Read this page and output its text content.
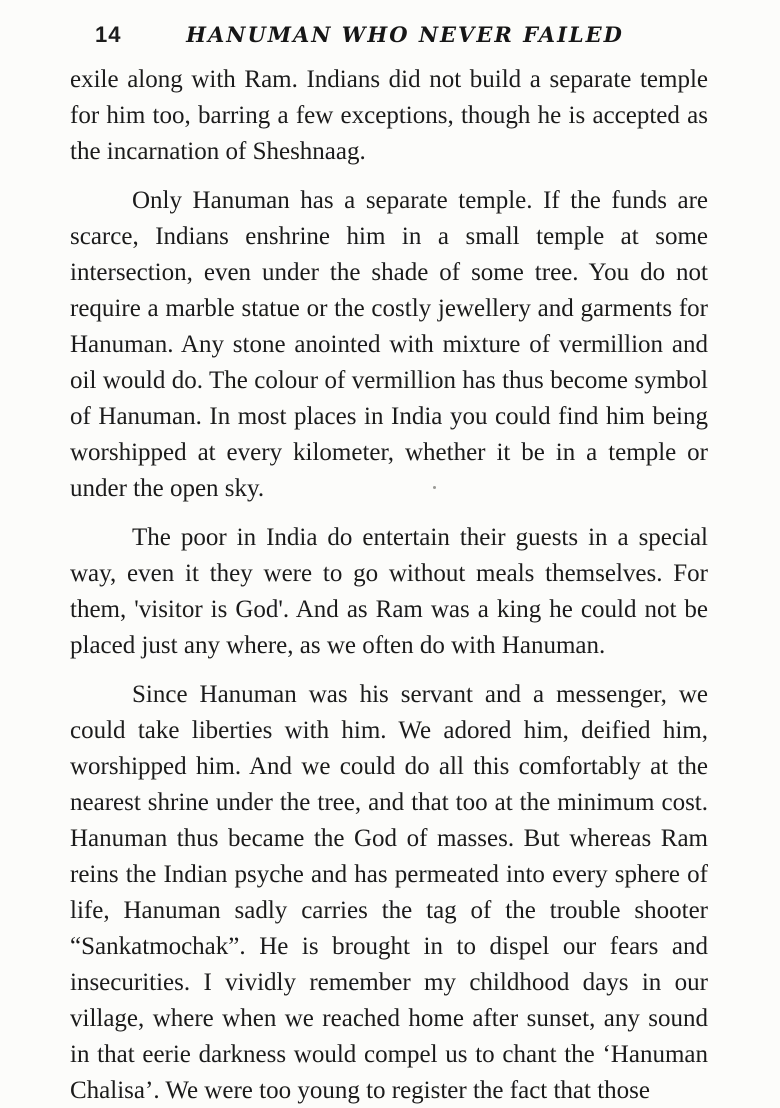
14	HANUMAN WHO NEVER FAILED

exile along with Ram. Indians did not build a separate temple for him too, barring a few exceptions, though he is accepted as the incarnation of Sheshnaag.

Only Hanuman has a separate temple. If the funds are scarce, Indians enshrine him in a small temple at some intersection, even under the shade of some tree. You do not require a marble statue or the costly jewellery and garments for Hanuman. Any stone anointed with mixture of vermillion and oil would do. The colour of vermillion has thus become symbol of Hanuman. In most places in India you could find him being worshipped at every kilometer, whether it be in a temple or under the open sky.

The poor in India do entertain their guests in a special way, even it they were to go without meals themselves. For them, 'visitor is God'. And as Ram was a king he could not be placed just any where, as we often do with Hanuman.

Since Hanuman was his servant and a messenger, we could take liberties with him. We adored him, deified him, worshipped him. And we could do all this comfortably at the nearest shrine under the tree, and that too at the minimum cost. Hanuman thus became the God of masses. But whereas Ram reins the Indian psyche and has permeated into every sphere of life, Hanuman sadly carries the tag of the trouble shooter “Sankatmochak”. He is brought in to dispel our fears and insecurities. I vividly remember my childhood days in our village, where when we reached home after sunset, any sound in that eerie darkness would compel us to chant the ‘Hanuman Chalisa’. We were too young to register the fact that those
